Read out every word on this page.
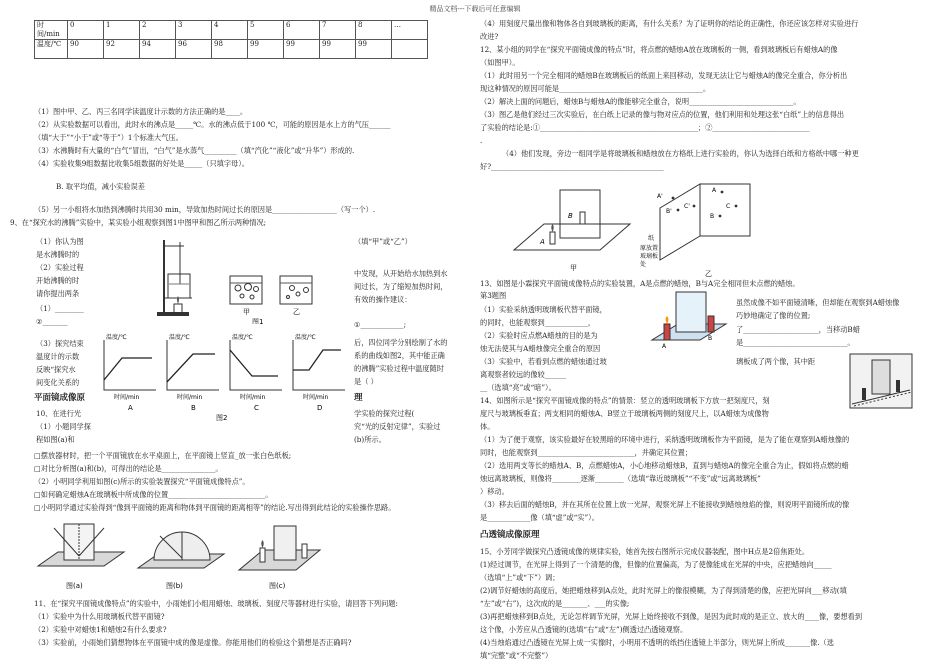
精品文档---下载后可任意编辑
时间/min	0	1	2	3	4	5	6	7	8	…
温度/℃	90	92	94	96	98	99	99	99	99	
（1）图中甲、乙、丙三名同学读温度计示数的方法正确的是____。
（2）从实验数据可以看出，此时水的沸点是_____℃。水的沸点低于100 ℃，可能的原因是水上方的气压______
（填“大于”“小于”或“等于”）1个标准大气压。
（3）水沸腾时有大量的“白气”冒出，“白气”是水蒸气_________（填“汽化”“液化”或“升华”）形成的.
（4）实验收集9组数据比收集5组数据的好处是_____（只填字母）。
B. 取平均值，减小实验误差
（5）另一小组将水加热到沸腾时共用30 min，导致加热时间过长的原因是__________________（写一个）.
9、在“探究水的沸腾”实验中，某实验小组观察到图1中图甲和图乙所示两种情况;
（1）你认为图
是水沸腾时的
（2）实验过程
开始沸腾的时
请你提出两条
（1）________
②_______
甲	乙
图1
（填“甲”或“乙”）
中发现，从开始给水加热到水
间过长，为了缩短加热时间，
有效的操作建议：
①____________;
后，四位同学分别绘制了水的
系的曲线如图2，其中能正确
的沸腾”实验过程中温度随时
是（ ）
（3）探究结束
温度计的示数
反映“探究水
间变化关系的
温度/℃
时间/min
A
温度/℃
时间/min
B
温度/℃
时间/min
C
温度/℃
时间/min
D
图2
平面镜成像原	理
10、在进行光
（1）小题同学探
程如图(a)和
学实验的探究过程(
究“光的反射定律”，实验过
(b)所示。
□摆放器材时，把一个平面镜放在水平桌面上，在平面镜上竖直_放一张白色纸板;
□对比分析图(a)和(b)，可得出的结论是_______________。
（2）小明同学利用如图(c)所示的实验装置探究“平面镜成像特点”。
□如何确定蜡烛A在玻璃板中所成像的位置___________________________。
□小明同学通过实验得到“像到平面镜的距离和物体到平面镜的距离相等”的结论.写出得到此结论的实验操作思路。
图(a)	图(b)	图(c)
11、在“探究平面镜成像特点”的实验中，小雨她们小组用蜡烛、玻璃板、刻度尺等器材进行实验，请回答下列问题:
（1）实验中为什么用玻璃板代替平面镜?
（2）实验中对蜡烛1和蜡烛2有什么要求?
（3）实验前，小雨她们猜想物体在平面镜中成的像是虚像。你能用他们的检验这个猜想是否正确吗?
（4）用刻度尺量出像和物体各自到玻璃板的距离，有什么关系？为了证明你的结论的正确性，你还应该怎样对实验进行
改进?
12、某小组的同学在“探究平面镜成像的特点”时，将点燃的蜡烛A放在玻璃板的一侧，看到玻璃板后有蜡烛A的像
（如图甲）。
（1）此时用另一个完全相同的蜡烛B在玻璃板后的纸面上来回移动，发现无法让它与蜡烛A的像完全重合，你分析出
现这种情况的原因可能是________________________________________。
（2）解决上面的问题后，蜡烛B与蜡烛A的像能够完全重合，说明_____________________________。
（3）图乙是他们经过三次实验后，在白纸上记录的像与物对应点的位置，他们利用和处理这张“白纸”上的信息得出
了实验的结论是:①____________________________________________；②___________________________
.
（4）他们发现，旁边一组同学是将玻璃板和蜡烛放在方格纸上进行实验的，你认为选择白纸和方格纸中哪一种更
好?________________________________________________
B
A
甲
A'
B'
C'
A
B
C
纸
原放置
玻璃板
处
乙
13、如图是小霖探究平面镜成像特点的实验装置，A是点燃的蜡烛，B与A完全相同但未点燃的蜡烛。
第3题图
（1）实验采纳透明玻璃板代替平面镜，
的同时，也能观察到____________，
（2）实验时应点燃A蜡烛的目的是为
烛无法使其与A蜡烛像完全重合的原因
（3）实验中，若看到点燃的蜡烛通过玻
离观察者较远的像较______
__（选填“亮”或“暗”）。
A
B
虽然成像不如平面镜清晰，但却能在观察到A蜡烛像
巧妙地确定了像的位置;
了_____________________，当移动B蜡
是_____________________________。
璃板成了两个像，其中距
14、如图所示是“探究平面镜成像的特点”的情景：竖立的透明玻璃板下方放一把刻度尺，刻
度尺与玻璃板垂直；两支相同的蜡烛A、B竖立于玻璃板两侧的刻度尺上，以A蜡烛为成像物
体。
（1）为了便于观察，该实验最好在较黑暗的环境中进行，采纳透明玻璃板作为平面镜，是为了能在观察到A蜡烛像的
同时，也能观察到___________________________，并确定其位置；
（2）选用两支等长的蜡烛A、B，点燃蜡烛A，小心地移动蜡烛B，直到与蜡烛A的像完全重合为止，假如将点燃的蜡
烛远离玻璃板，则像将________逐渐________（选填“靠近玻璃板”“不变”或“远离玻璃板”
）移动。
（3）移去后面的蜡烛B，并在其所在位置上放一光屏，观察光屏上不能接收到蜡烛烛焰的像，则说明平面镜所成的像
是____________像（填“虚”或“实”）。
凸透镜成像原理
15、小芳同学做探究凸透镜成像的规律实验，她首先按右图所示完成仪器装配，图中H点是2倍焦距处。
(1)经过调节，在光屏上得到了一个清楚的像，但像的位置偏高，为了使像能成在光屏的中央，应把蜡烛向_____
（选填“上”或“下”）调；
(2)调节好蜡烛的高度后，她把蜡烛移到A点处，此时光屏上的像很模糊，为了得到清楚的像，应把光屏向___移动(填
“左”或“右”)，这次成的是_______、___的实像;
(3)再把蜡烛移到B点处，无论怎样调节光屏，光屏上始终接收不到像，是因为此时成的是正立、放大的____像，要想看到
这个像，小芳应从凸透镜的(选填“右”或“左”)侧透过凸透镜观察。
(4)当烛焰通过凸透镜在光屏上成一实像时，小明用不透明的纸挡住透镜上半部分，则光屏上所成_______像.（选
填“完整”或“不完整”）
